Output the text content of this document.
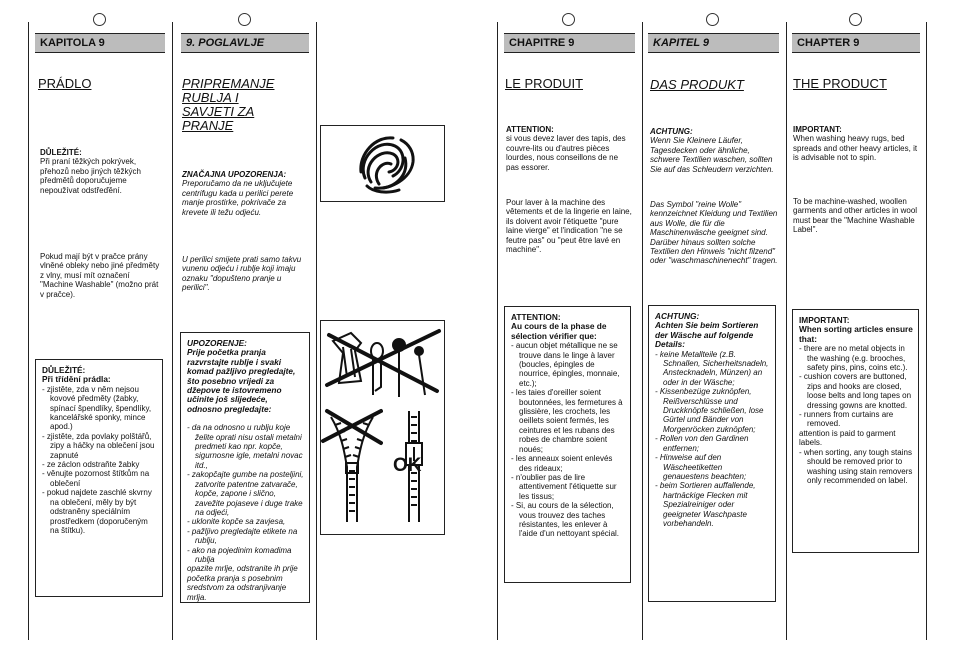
KAPITOLA 9
PRÁDLO

DŮLEŽITÉ:

Při praní těžkých pokrývek, přehozů nebo jiných těžkých předmětů doporučujeme nepoužívat odstřeďění.

Pokud mají být v pračce prány vlněné obleky nebo jiné předměty z vlny, musí mít označení "Machine Washable" (možno prát v pračce).

DŮLEŽITÉ:

Při třídění prádla:

- zjistěte, zda v něm nejsou kovové předměty (žabky, spínací špendlíky, špendlíky, kancelářské sponky, mince apod.)
- zjistěte, zda povlaky polštářů, zipy a háčky na oblečení jsou zapnuté
- ze záclon odstraňte žabky
- věnujte pozornost štítkům na oblečení
- pokud najdete zaschlé skvrny na oblečení, měly by být odstraněny speciálním prostředkem (doporučeným na štítku).
9. POGLAVLJE
PRIPREMANJE RUBLJA I SAVJETI ZA PRANJE

ZNAČAJNA UPOZORENJA:

Preporučamo da ne uključujete centrifugu kada u perilici perete manje prostirke, pokrivače za krevete ili težu odjeću.

U perilici smijete prati samo takvu vunenu odjeću i rublje koji imaju oznaku "dopušteno pranje u perilici".

UPOZORENJE:

Prije početka pranja razvrstajte rublje i svaki komad pažljivo pregledajte, što posebno vrijedi za džepove te istovremeno učinite još slijedeće, odnosno pregledajte:

- da na odnosno u rublju koje želite oprati nisu ostali metalni predmeti kao npr. kopče, sigurnosne igle, metalni novac itd.,
- zakopčajte gumbe na posteljini, zatvorite patentne zatvarače, kopče, zapone i slično, zavežite pojaseve i duge trake na odjeći,
- uklonite kopče sa zavjesa,
- pažljivo pregledajte etikete na rublju,
- ako na pojedinim komadima rublja
opazite mrlje, odstranite ih prije početka pranja s posebnim sredstvom za odstranjivanje mrlja.
OK
CHAPITRE 9
LE PRODUIT

ATTENTION:

si vous devez laver des tapis, des couvre-lits ou d'autres pièces lourdes, nous conseillons de ne pas essorer.

Pour laver à la machine des vêtements et de la lingerie en laine, ils doivent avoir l'étiquette "pure laine vierge" et l'indication "ne se feutre pas" ou "peut être lavé en machine".

ATTENTION:

Au cours de la phase de sélection vérifier que:

- aucun objet métallique ne se trouve dans le linge à laver (boucles, épingles de nourrice, épingles, monnaie, etc.);
- les taies d'oreiller soient boutonnées, les fermetures à glissière, les crochets, les oeillets soient fermés, les ceintures et les rubans des robes de chambre soient noués;
- les anneaux soient enlevés des rideaux;
- n'oublier pas de lire attentivement l'étiquette sur les tissus;
- Si, au cours de la sélection, vous trouvez des taches résistantes, les enlever à l'aide d'un nettoyant spécial.
KAPITEL 9
DAS PRODUKT

ACHTUNG:

Wenn Sie Kleinere Läufer, Tagesdecken oder ähnliche, schwere Textilien waschen, sollten Sie auf das Schleudern verzichten.

Das Symbol "reine Wolle" kennzeichnet Kleidung und Textilien aus Wolle, die für die Maschinenwäsche geeignet sind. Darüber hinaus sollten solche Textilien den Hinweis "nicht filzend" oder "waschmaschinenecht" tragen.

ACHTUNG:

Achten Sie beim Sortieren der Wäsche auf folgende Details:

- keine Metallteile (z.B. Schnallen, Sicherheitsnadeln, Anstecknadeln, Münzen) an oder in der Wäsche;
- Kissenbezüge zuknöpfen, Reißverschlüsse und Druckknöpfe schließen, lose Gürtel und Bänder von Morgenröcken zuknöpfen;
- Rollen von den Gardinen entfernen;
- Hinweise auf den Wäscheetiketten genauestens beachten;
- beim Sortieren auffallende, hartnäckige Flecken mit Spezialreiniger oder geeigneter Waschpaste vorbehandeln.
CHAPTER 9
THE PRODUCT

IMPORTANT:

When washing heavy rugs, bed spreads and other heavy articles, it is advisable not to spin.

To be machine-washed, woollen garments and other articles in wool must bear the "Machine Washable Label".

IMPORTANT:

When sorting articles ensure that:

- there are no metal objects in the washing (e.g. brooches, safety pins, pins, coins etc.).
- cushion covers are buttoned, zips and hooks are closed, loose belts and long tapes on dressing gowns are knotted.
- runners from curtains are removed.
attention is paid to garment labels.
- when sorting, any tough stains should be removed prior to washing using stain removers only recommended on label.
